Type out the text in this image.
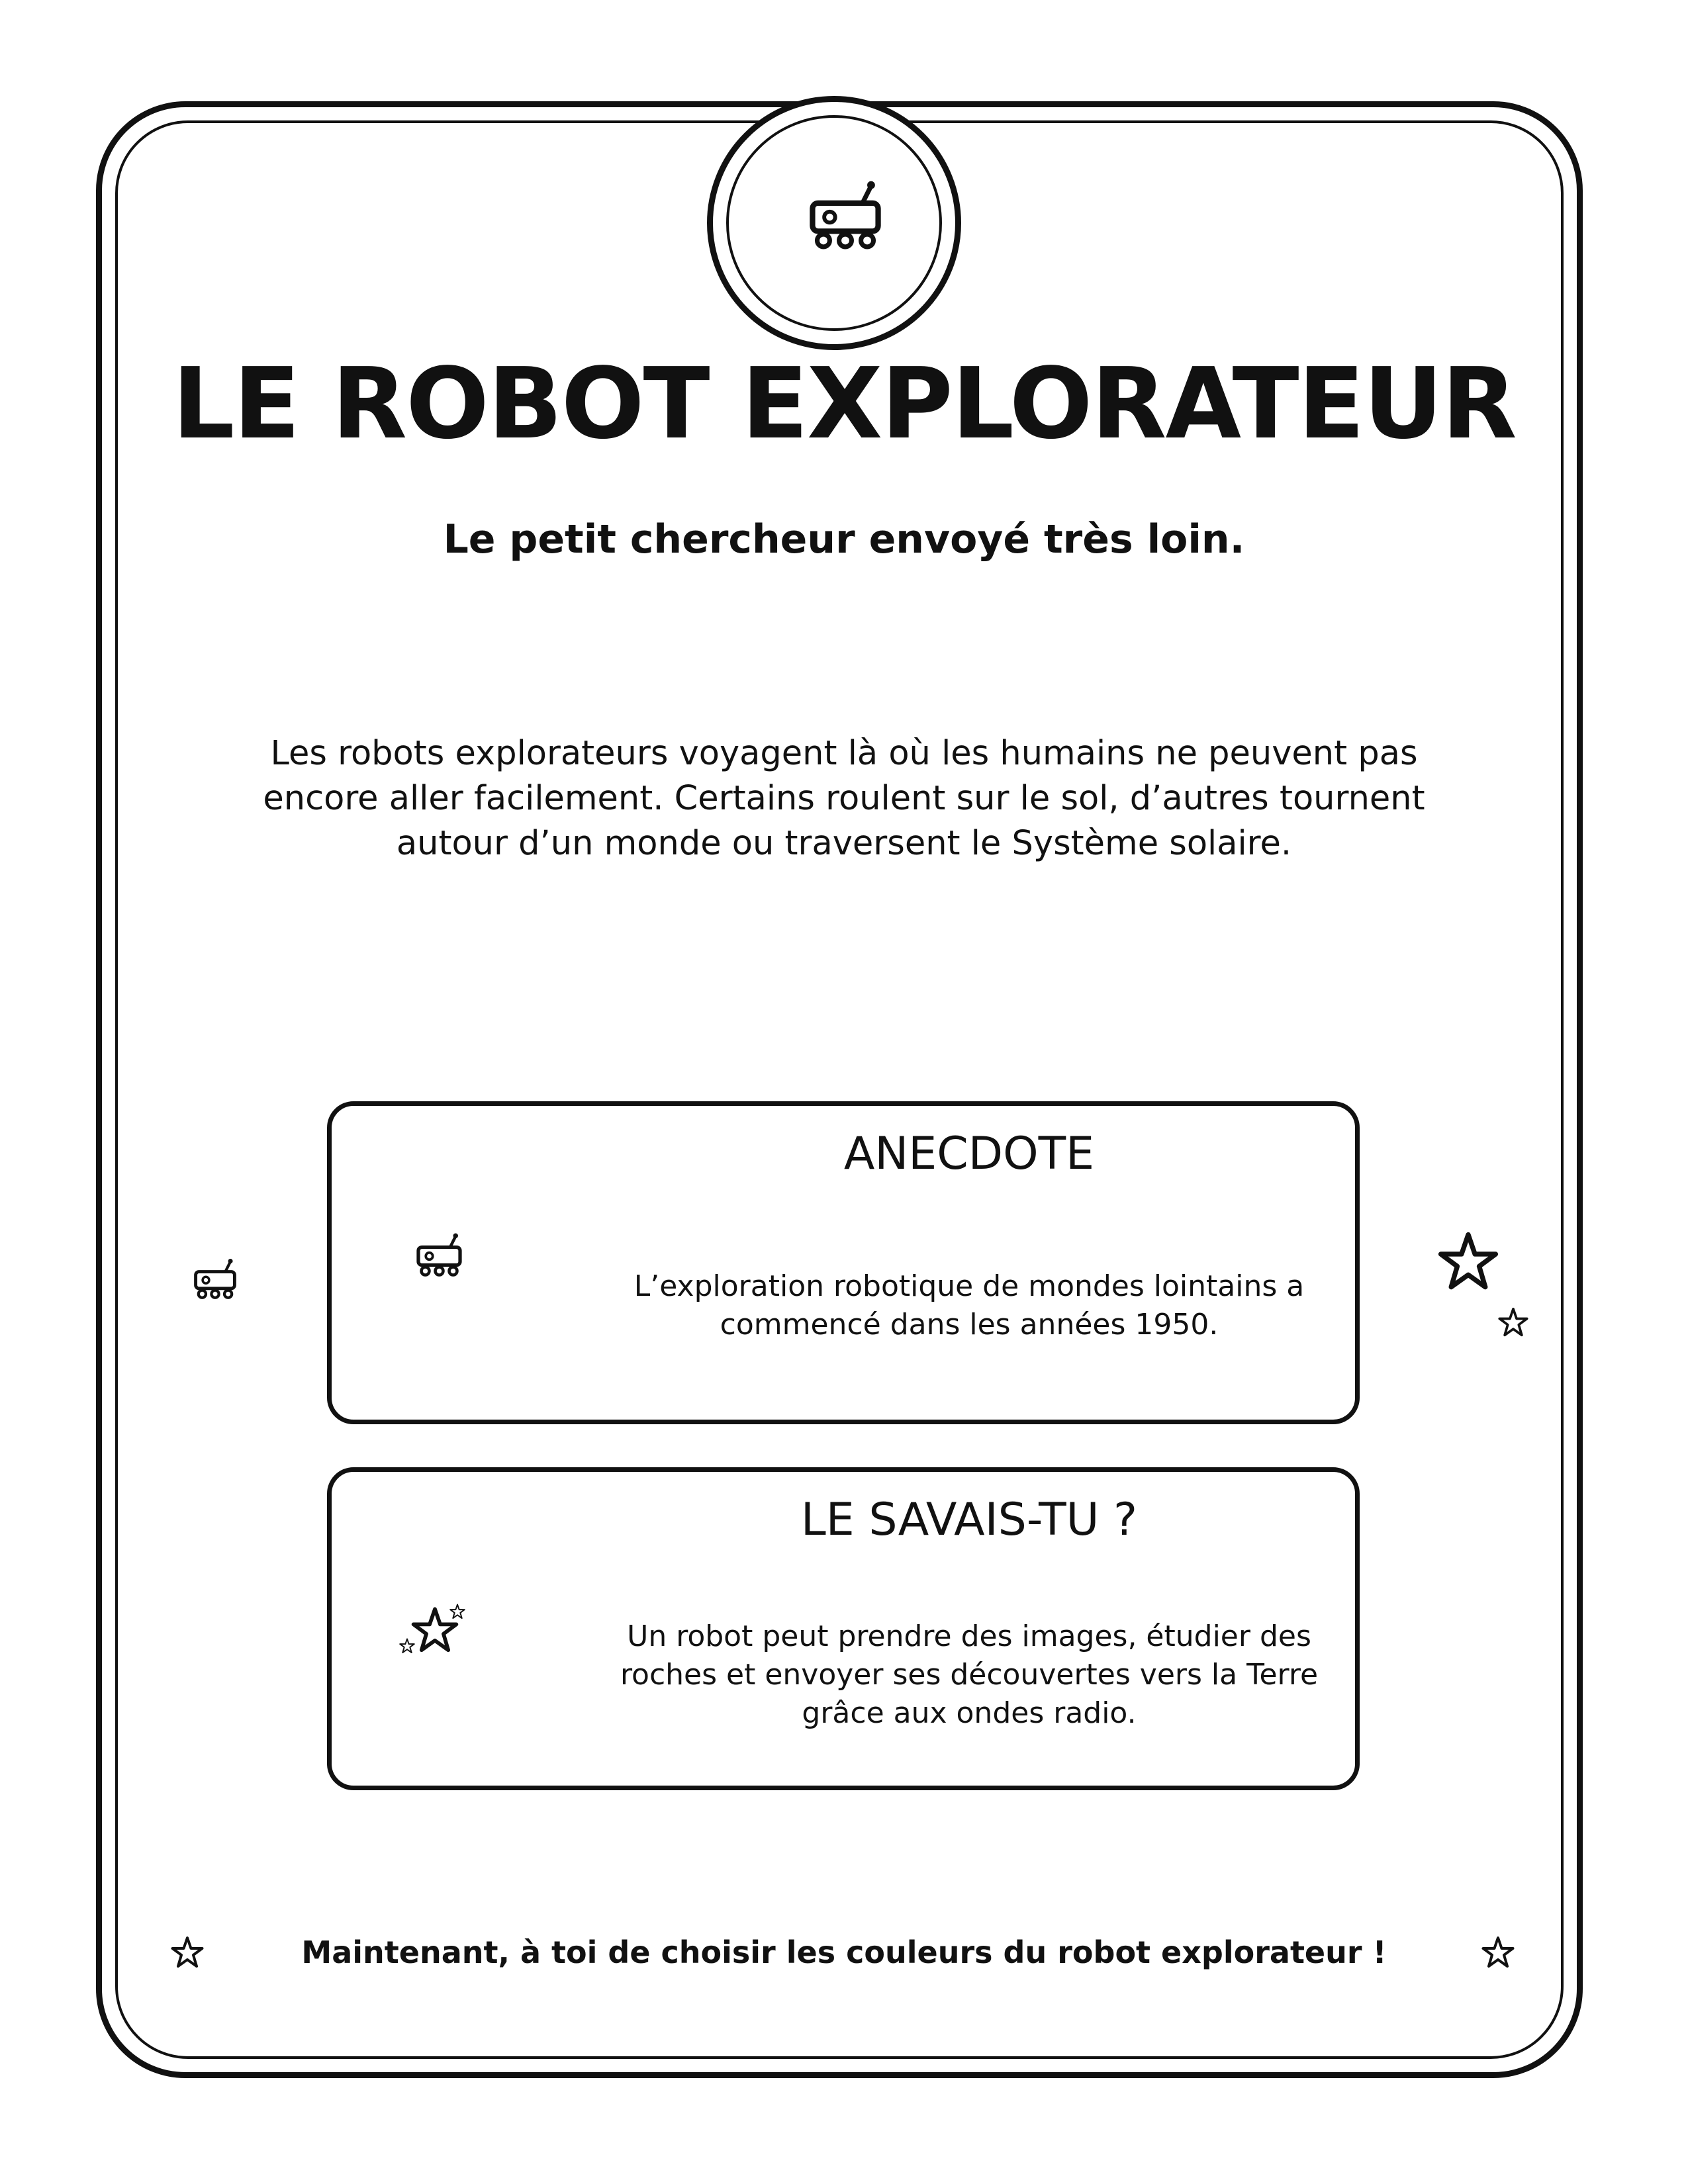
LE ROBOT EXPLORATEUR

Le petit chercheur envoyé très loin.

Les robots explorateurs voyagent là où les humains ne peuvent pas encore aller facilement. Certains roulent sur le sol, d’autres tournent autour d’un monde ou traversent le Système solaire.

ANECDOTE

L’exploration robotique de mondes lointains a commencé dans les années 1950.

LE SAVAIS-TU ?

Un robot peut prendre des images, étudier des roches et envoyer ses découvertes vers la Terre grâce aux ondes radio.

Maintenant, à toi de choisir les couleurs du robot explorateur !
